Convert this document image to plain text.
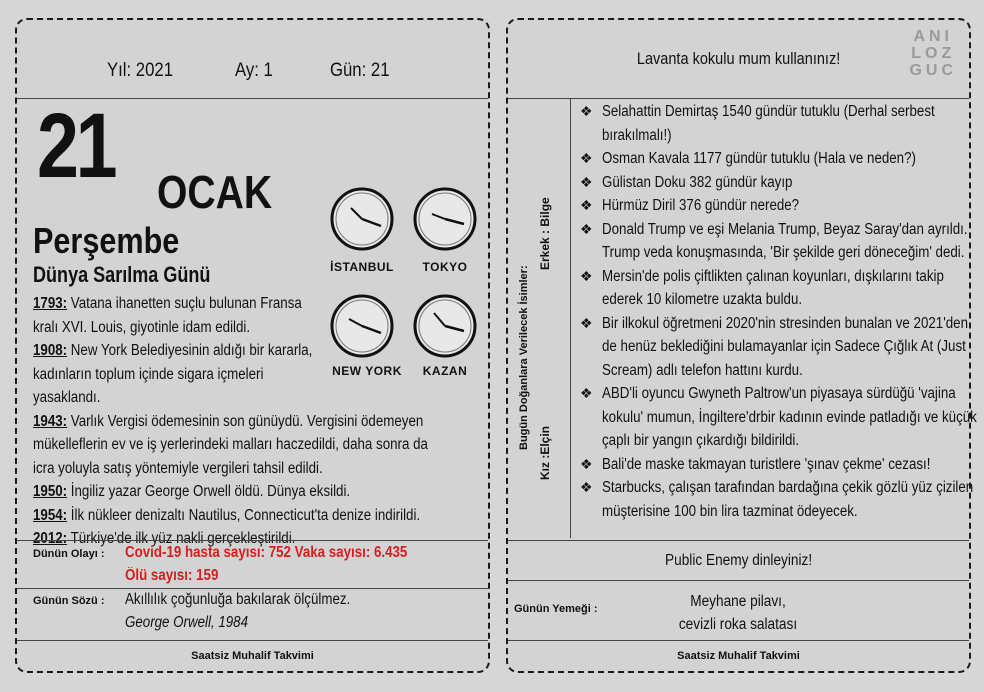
Yıl: 2021	Ay: 1	Gün: 21
21 OCAK
Perşembe
Dünya Sarılma Günü	İSTANBUL	TOKYO
NEW YORK	KAZAN
1793: Vatana ihanetten suçlu bulunan Fransa
kralı XVI. Louis, giyotinle idam edildi.
1908: New York Belediyesinin aldığı bir kararla,
kadınların toplum içinde sigara içmeleri
yasaklandı.
1943: Varlık Vergisi ödemesinin son günüydü. Vergisini ödemeyen
mükelleflerin ev ve iş yerlerindeki malları haczedildi, daha sonra da
icra yoluyla satış yöntemiyle vergileri tahsil edildi.
1950: İngiliz yazar George Orwell öldü. Dünya eksildi.
1954: İlk nükleer denizaltı Nautilus, Connecticut'ta denize indirildi.
2012: Türkiye'de ilk yüz nakli gerçekleştirildi.
Dünün Olayı : Covid-19 hasta sayısı: 752 Vaka sayısı: 6.435
Ölü sayısı: 159
Günün Sözü : Akıllılık çoğunluğa bakılarak ölçülmez.
George Orwell, 1984
Saatsiz Muhalif Takvimi
Lavanta kokulu mum kullanınız!
ANI
LOZ
GUC
Bugün Doğanlara Verilecek İsimler:
Erkek : Bilge
Kız :Elçin
❖ Selahattin Demirtaş 1540 gündür tutuklu (Derhal serbest bırakılmalı!)
❖ Osman Kavala 1177 gündür tutuklu (Hala ve neden?)
❖ Gülistan Doku 382 gündür kayıp
❖ Hürmüz Diril 376 gündür nerede?
❖ Donald Trump ve eşi Melania Trump, Beyaz Saray'dan ayrıldı. Trump veda konuşmasında, 'Bir şekilde geri döneceğim' dedi.
❖ Mersin'de polis çiftlikten çalınan koyunları, dışkılarını takip ederek 10 kilometre uzakta buldu.
❖ Bir ilkokul öğretmeni 2020'nin stresinden bunalan ve 2021'den de henüz beklediğini bulamayanlar için Sadece Çığlık At (Just Scream) adlı telefon hattını kurdu.
❖ ABD'li oyuncu Gwyneth Paltrow'un piyasaya sürdüğü 'vajina kokulu' mumun, İngiltere'drbir kadının evinde patladığı ve küçük çaplı bir yangın çıkardığı bildirildi.
❖ Bali'de maske takmayan turistlere 'şınav çekme' cezası!
❖ Starbucks, çalışan tarafından bardağına çekik gözlü yüz çizilen müşterisine 100 bin lira tazminat ödeyecek.
Public Enemy dinleyiniz!
Günün Yemeği :	Meyhane pilavı,
cevizli roka salatası
Saatsiz Muhalif Takvimi
